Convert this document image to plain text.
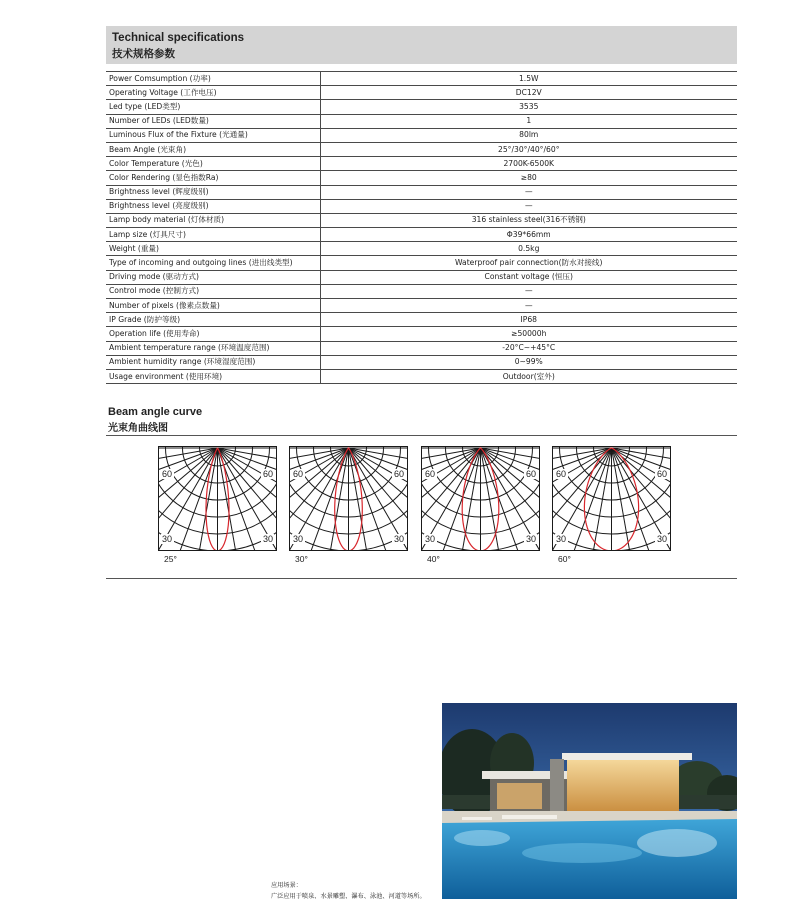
Technical specifications
技术规格参数
Power Comsumption (功率)	1.5W
Operating Voltage (工作电压)	DC12V
Led type (LED类型)	3535
Number of LEDs (LED数量)	1
Luminous Flux of the Fixture (光通量)	80lm
Beam Angle (光束角)	25°/30°/40°/60°
Color Temperature (光色)	2700K-6500K
Color Rendering (显色指数Ra)	≥80
Brightness level (辉度级别)	—
Brightness level (亮度级别)	—
Lamp body material (灯体材质)	316 stainless steel(316不锈钢)
Lamp size (灯具尺寸)	Φ39*66mm
Weight (重量)	0.5kg
Type of incoming and outgoing lines (进出线类型)	Waterproof pair connection(防水对接线)
Driving mode (驱动方式)	Constant voltage (恒压)
Control mode (控制方式)	—
Number of pixels (像素点数量)	—
IP Grade (防护等级)	IP68
Operation life (使用寿命)	≥50000h
Ambient temperature range (环境温度范围)	-20°C~+45°C
Ambient humidity range (环境湿度范围)	0~99%
Usage environment (使用环境)	Outdoor(室外)
Beam angle curve
光束角曲线图
60	60
30	30
25°
60	60
30	30
30°
60	60
30	30
40°
60	60
30	30
60°
应用场景：
广泛应用于喷泉、水景雕塑、瀑布、泳池、河道等场所。
